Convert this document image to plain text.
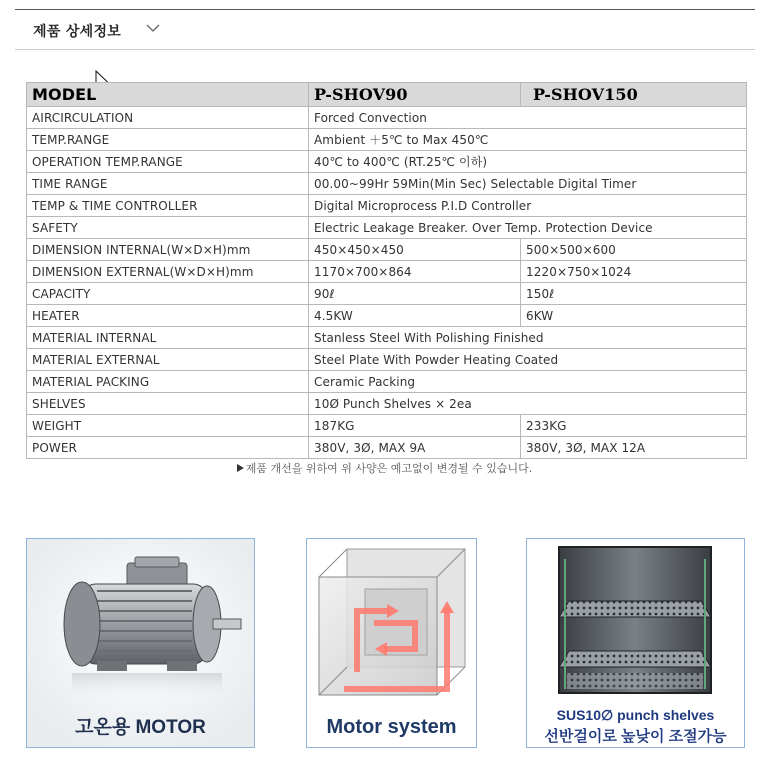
제품 상세정보
MODEL	P-SHOV90	P-SHOV150
AIRCIRCULATION	Forced Convection	
TEMP.RANGE	Ambient ＋5℃ to Max 450℃	
OPERATION TEMP.RANGE	40℃ to 400℃ (RT.25℃ 이하)	
TIME RANGE	00.00~99Hr 59Min(Min Sec) Selectable Digital Timer	
TEMP & TIME CONTROLLER	Digital Microprocess P.I.D Controller	
SAFETY	Electric Leakage Breaker. Over Temp. Protection Device	
DIMENSION INTERNAL(W×D×H)mm	450×450×450	500×500×600
DIMENSION EXTERNAL(W×D×H)mm	1170×700×864	1220×750×1024
CAPACITY	90ℓ	150ℓ
HEATER	4.5KW	6KW
MATERIAL INTERNAL	Stanless Steel With Polishing Finished	
MATERIAL EXTERNAL	Steel Plate With Powder Heating Coated	
MATERIAL PACKING	Ceramic Packing	
SHELVES	10Ø Punch Shelves × 2ea	
WEIGHT	187KG	233KG
POWER	380V, 3Ø, MAX 9A	380V, 3Ø, MAX 12A
제품 개선을 위하여 위 사양은 예고없이 변경될 수 있습니다.
고온용 MOTOR	Motor system
SUS10∅ punch shelves
선반걸이로 높낮이 조절가능
